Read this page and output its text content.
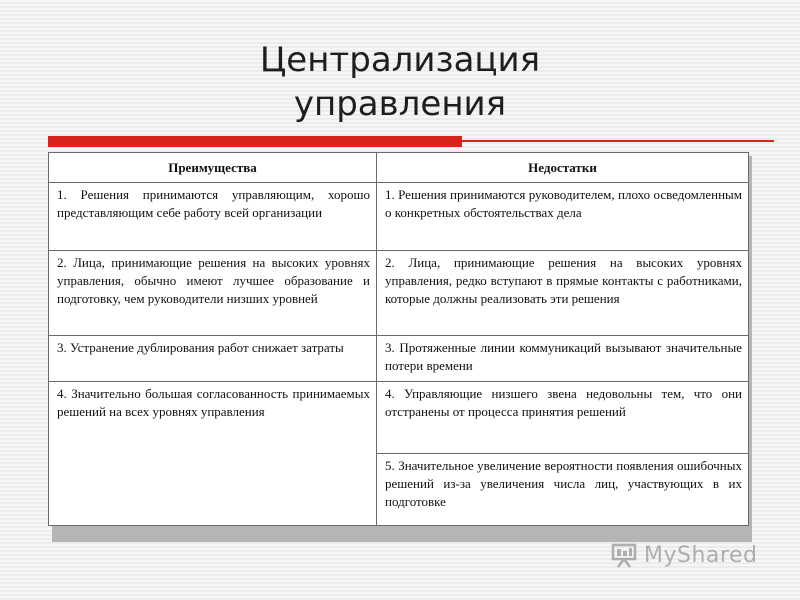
Централизация
управления
Преимущества	Недостатки
1. Решения принимаются управляющим, хорошо представляющим себе работу всей организации	1. Решения принимаются руководителем, плохо осведомленным о конкретных обстоятельствах дела
2. Лица, принимающие решения на высоких уровнях управления, обычно имеют лучшее образование и подготовку, чем руководители низших уровней	2. Лица, принимающие решения на высоких уровнях управления, редко вступают в прямые контакты с работниками, которые должны реализовать эти решения
3. Устранение дублирования работ снижает затраты	3. Протяженные линии коммуникаций вызывают значительные потери времени
4. Значительно большая согласованность принимаемых решений на всех уровнях управления	4. Управляющие низшего звена недовольны тем, что они отстранены от процесса принятия решений
	5. Значительное увеличение вероятности появления ошибочных решений из-за увеличения числа лиц, участвующих в их подготовке
MyShared
